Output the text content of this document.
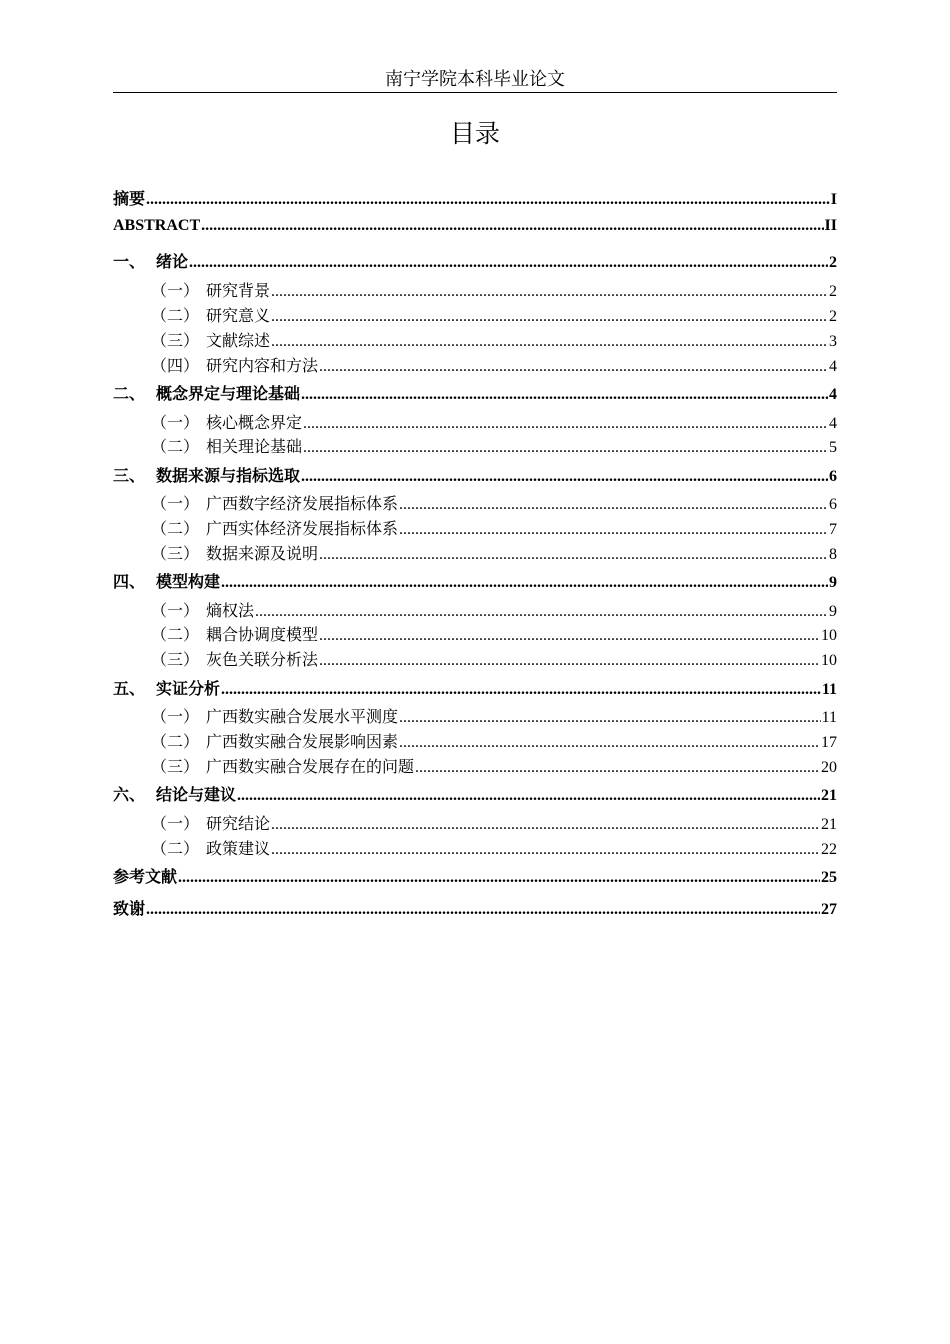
南宁学院本科毕业论文
目录
摘要 .....	I
ABSTRACT .....	II
一、 绪论 .....	2
（一） 研究背景 .....	2
（二） 研究意义 .....	2
（三） 文献综述 .....	3
（四） 研究内容和方法 .....	4
二、 概念界定与理论基础 .....	4
（一） 核心概念界定 .....	4
（二） 相关理论基础 .....	5
三、 数据来源与指标选取 .....	6
（一） 广西数字经济发展指标体系 .....	6
（二） 广西实体经济发展指标体系 .....	7
（三） 数据来源及说明 .....	8
四、 模型构建 .....	9
（一） 熵权法 .....	9
（二） 耦合协调度模型 .....	10
（三） 灰色关联分析法 .....	10
五、 实证分析 .....	11
（一） 广西数实融合发展水平测度 .....	11
（二） 广西数实融合发展影响因素 .....	17
（三） 广西数实融合发展存在的问题 .....	20
六、 结论与建议 .....	21
（一） 研究结论 .....	21
（二） 政策建议 .....	22
参考文献 .....	25
致谢 .....	27
